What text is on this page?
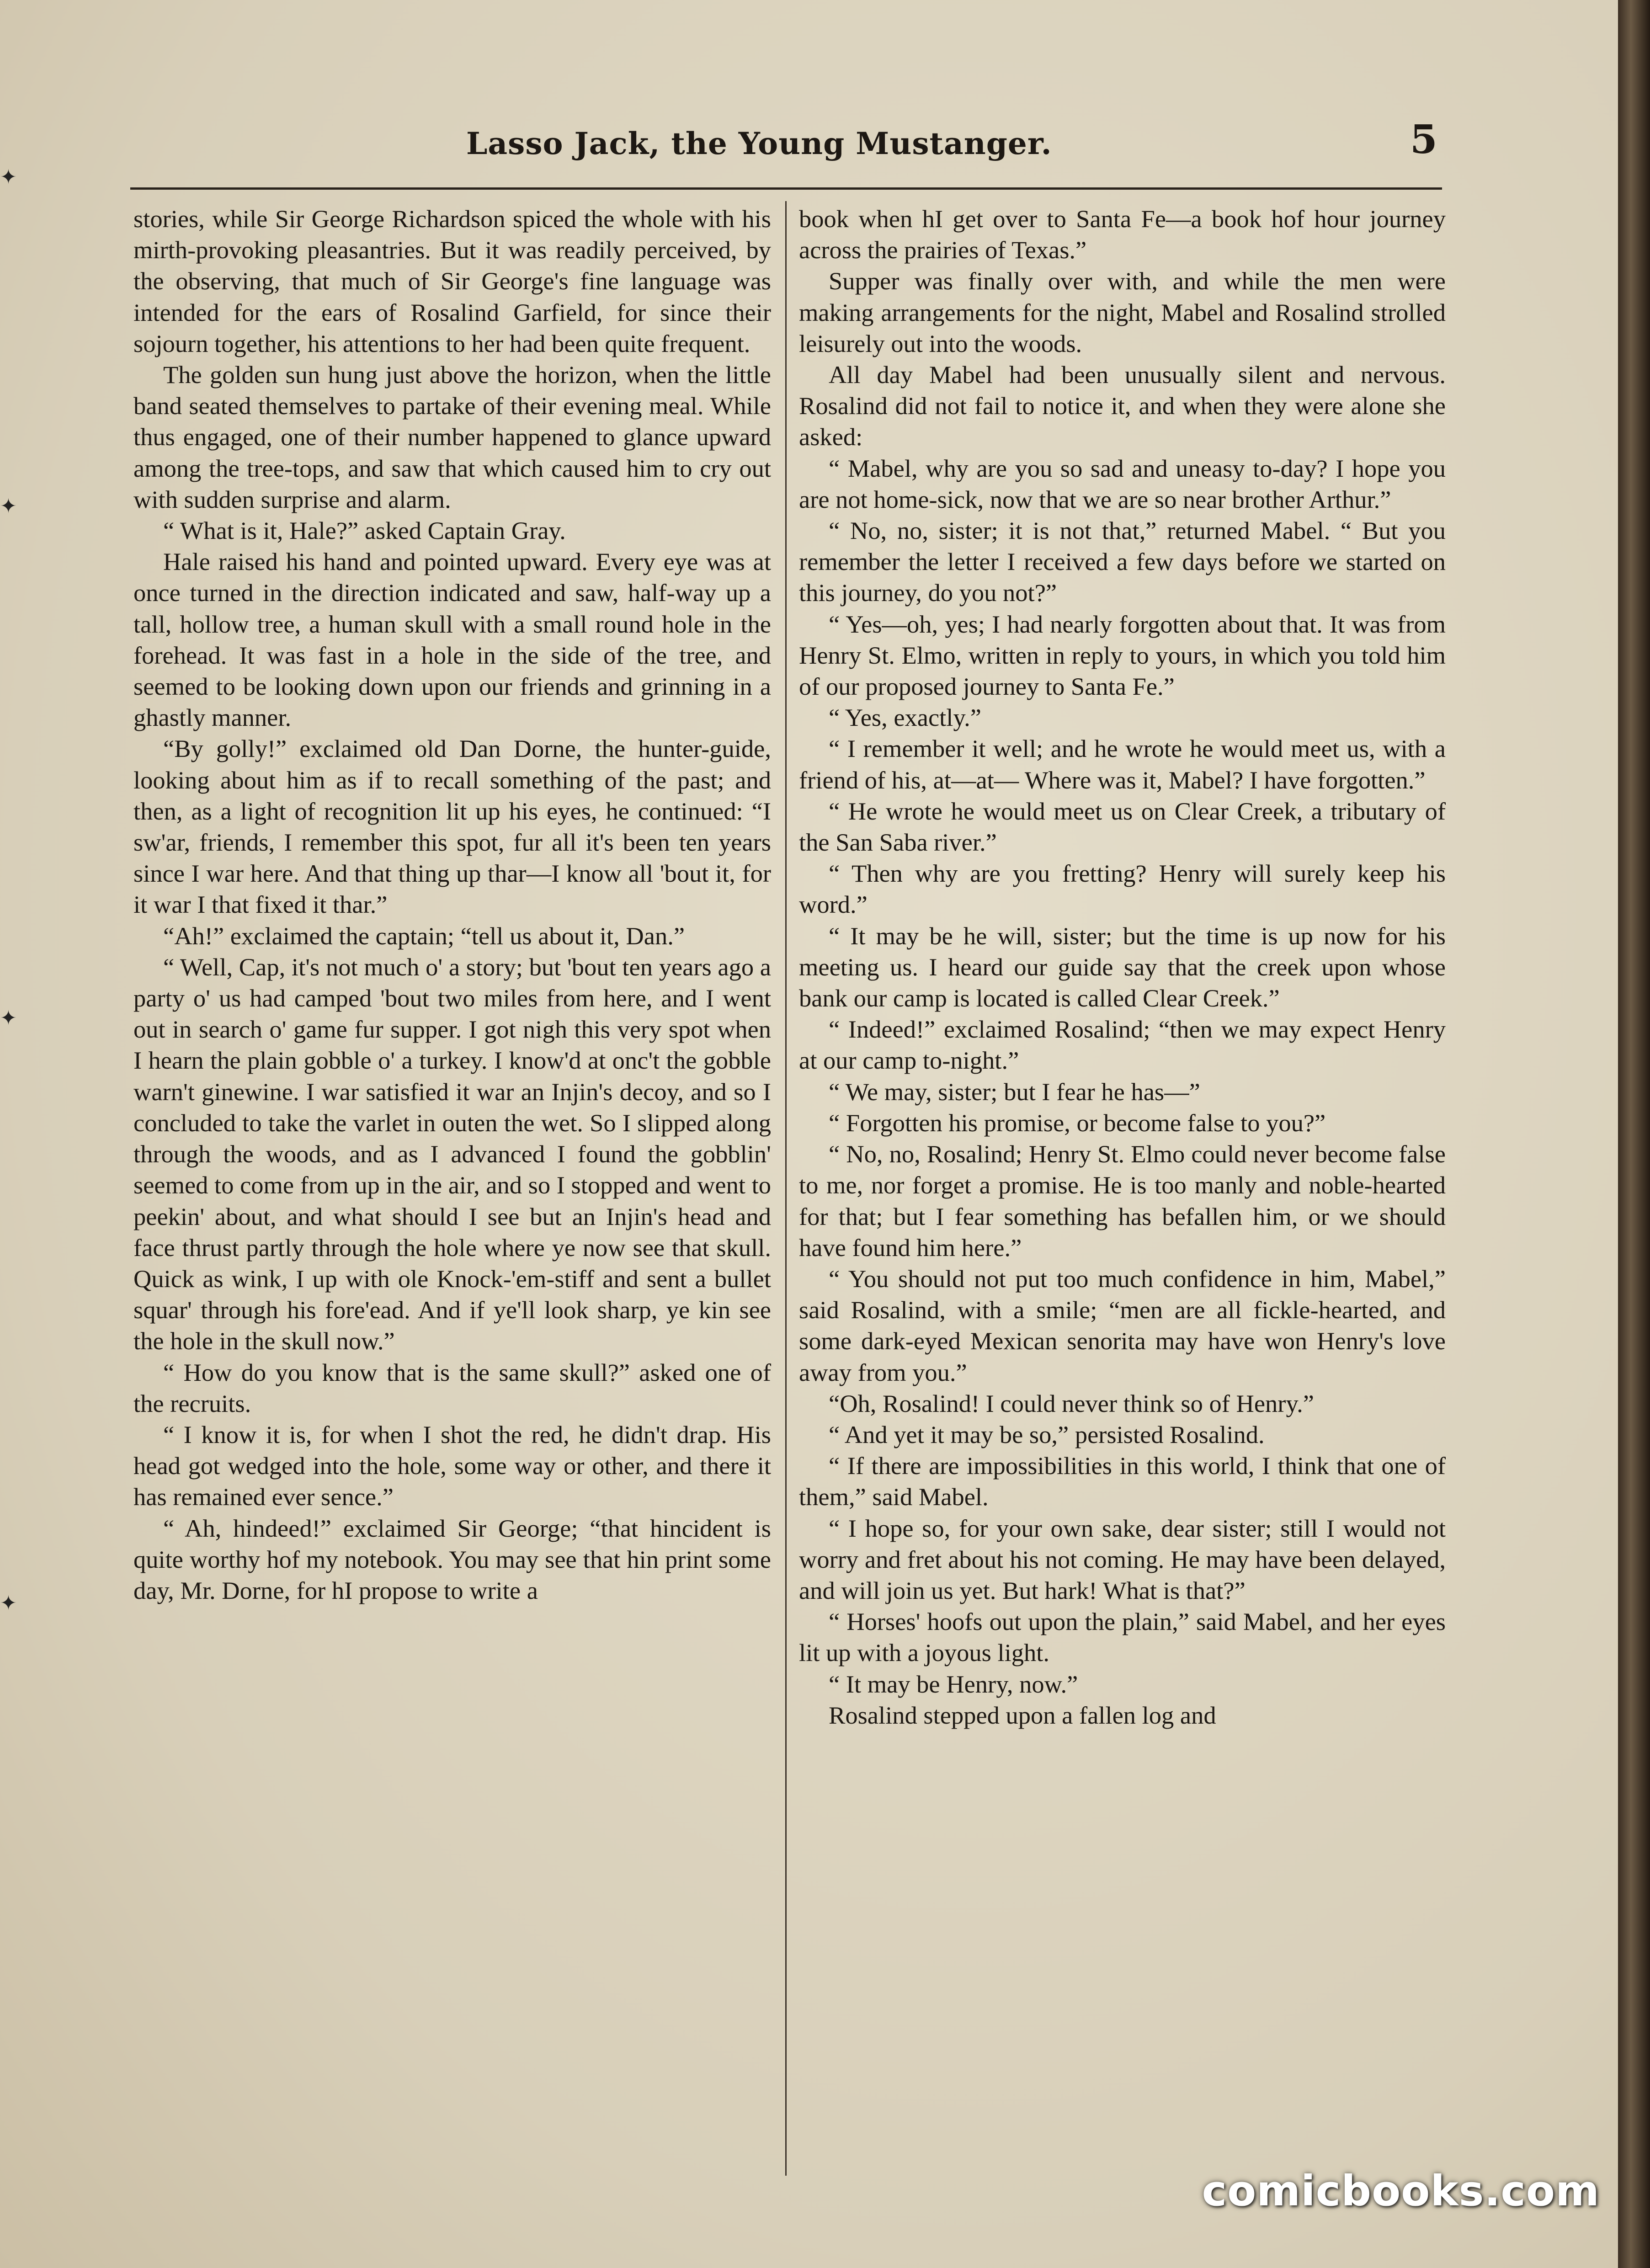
Lasso Jack, the Young Mustanger.	5

stories, while Sir George Richardson spiced the whole with his mirth-provoking pleasantries. But it was readily perceived, by the observing, that much of Sir George's fine language was intended for the ears of Rosalind Garfield, for since their sojourn together, his attentions to her had been quite frequent.

The golden sun hung just above the horizon, when the little band seated themselves to partake of their evening meal. While thus engaged, one of their number happened to glance upward among the tree-tops, and saw that which caused him to cry out with sudden surprise and alarm.

“ What is it, Hale?” asked Captain Gray.

Hale raised his hand and pointed upward. Every eye was at once turned in the direction indicated and saw, half-way up a tall, hollow tree, a human skull with a small round hole in the forehead. It was fast in a hole in the side of the tree, and seemed to be looking down upon our friends and grinning in a ghastly manner.

“By golly!” exclaimed old Dan Dorne, the hunter-guide, looking about him as if to recall something of the past; and then, as a light of recognition lit up his eyes, he continued: “I sw'ar, friends, I remember this spot, fur all it's been ten years since I war here. And that thing up thar—I know all 'bout it, for it war I that fixed it thar.”

“Ah!” exclaimed the captain; “tell us about it, Dan.”

“ Well, Cap, it's not much o' a story; but 'bout ten years ago a party o' us had camped 'bout two miles from here, and I went out in search o' game fur supper. I got nigh this very spot when I hearn the plain gobble o' a turkey. I know'd at onc't the gobble warn't ginewine. I war satisfied it war an Injin's decoy, and so I concluded to take the varlet in outen the wet. So I slipped along through the woods, and as I advanced I found the gobblin' seemed to come from up in the air, and so I stopped and went to peekin' about, and what should I see but an Injin's head and face thrust partly through the hole where ye now see that skull. Quick as wink, I up with ole Knock-'em-stiff and sent a bullet squar' through his fore'ead. And if ye'll look sharp, ye kin see the hole in the skull now.”

“ How do you know that is the same skull?” asked one of the recruits.

“ I know it is, for when I shot the red, he didn't drap. His head got wedged into the hole, some way or other, and there it has remained ever sence.”

“ Ah, hindeed!” exclaimed Sir George; “that hincident is quite worthy hof my notebook. You may see that hin print some day, Mr. Dorne, for hI propose to write a

book when hI get over to Santa Fe—a book hof hour journey across the prairies of Texas.”

Supper was finally over with, and while the men were making arrangements for the night, Mabel and Rosalind strolled leisurely out into the woods.

All day Mabel had been unusually silent and nervous. Rosalind did not fail to notice it, and when they were alone she asked:

“ Mabel, why are you so sad and uneasy to-day? I hope you are not home-sick, now that we are so near brother Arthur.”

“ No, no, sister; it is not that,” returned Mabel. “ But you remember the letter I received a few days before we started on this journey, do you not?”

“ Yes—oh, yes; I had nearly forgotten about that. It was from Henry St. Elmo, written in reply to yours, in which you told him of our proposed journey to Santa Fe.”

“ Yes, exactly.”

“ I remember it well; and he wrote he would meet us, with a friend of his, at—at— Where was it, Mabel? I have forgotten.”

“ He wrote he would meet us on Clear Creek, a tributary of the San Saba river.”

“ Then why are you fretting? Henry will surely keep his word.”

“ It may be he will, sister; but the time is up now for his meeting us. I heard our guide say that the creek upon whose bank our camp is located is called Clear Creek.”

“ Indeed!” exclaimed Rosalind; “then we may expect Henry at our camp to-night.”

“ We may, sister; but I fear he has—”

“ Forgotten his promise, or become false to you?”

“ No, no, Rosalind; Henry St. Elmo could never become false to me, nor forget a promise. He is too manly and noble-hearted for that; but I fear something has befallen him, or we should have found him here.”

“ You should not put too much confidence in him, Mabel,” said Rosalind, with a smile; “men are all fickle-hearted, and some dark-eyed Mexican senorita may have won Henry's love away from you.”

“Oh, Rosalind! I could never think so of Henry.”

“ And yet it may be so,” persisted Rosalind.

“ If there are impossibilities in this world, I think that one of them,” said Mabel.

“ I hope so, for your own sake, dear sister; still I would not worry and fret about his not coming. He may have been delayed, and will join us yet. But hark! What is that?”

“ Horses' hoofs out upon the plain,” said Mabel, and her eyes lit up with a joyous light.

“ It may be Henry, now.”

Rosalind stepped upon a fallen log and

✦
✦
✦
✦
comicbooks.com
